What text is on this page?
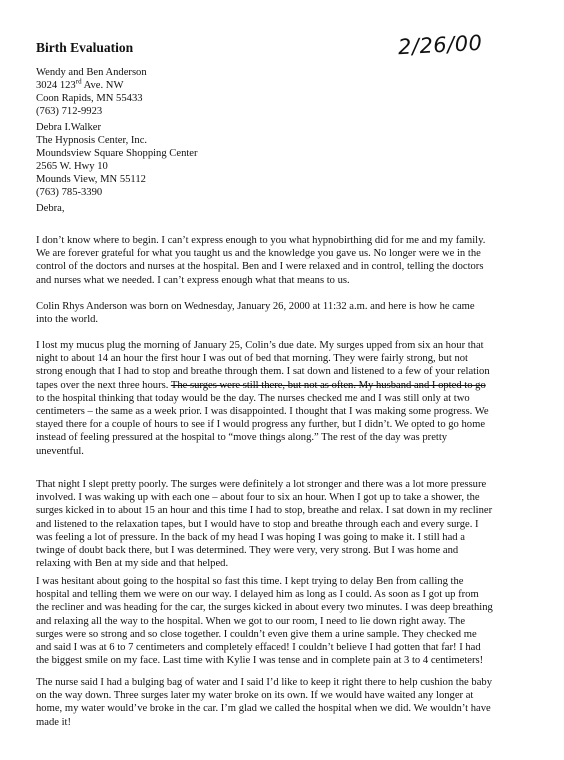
Birth Evaluation	2/26/00
Wendy and Ben Anderson
3024 123rd Ave. NW
Coon Rapids, MN 55433
(763) 712-9923
Debra I.Walker
The Hypnosis Center, Inc.
Moundsview Square Shopping Center
2565 W. Hwy 10
Mounds View, MN 55112
(763) 785-3390
Debra,
I don’t know where to begin. I can’t express enough to you what hypnobirthing did for me and my family.
We are forever grateful for what you taught us and the knowledge you gave us. No longer were we in the
control of the doctors and nurses at the hospital. Ben and I were relaxed and in control, telling the doctors
and nurses what we needed. I can’t express enough what that means to us.
Colin Rhys Anderson was born on Wednesday, January 26, 2000 at 11:32 a.m. and here is how he came
into the world.
I lost my mucus plug the morning of January 25, Colin’s due date. My surges upped from six an hour that
night to about 14 an hour the first hour I was out of bed that morning. They were fairly strong, but not
strong enough that I had to stop and breathe through them. I sat down and listened to a few of your relation
tapes over the next three hours. The surges were still there, but not as often. My husband and I opted to go
to the hospital thinking that today would be the day. The nurses checked me and I was still only at two
centimeters – the same as a week prior. I was disappointed. I thought that I was making some progress. We
stayed there for a couple of hours to see if I would progress any further, but I didn’t. We opted to go home
instead of feeling pressured at the hospital to “move things along.” The rest of the day was pretty
uneventful.
That night I slept pretty poorly. The surges were definitely a lot stronger and there was a lot more pressure
involved. I was waking up with each one – about four to six an hour. When I got up to take a shower, the
surges kicked in to about 15 an hour and this time I had to stop, breathe and relax. I sat down in my recliner
and listened to the relaxation tapes, but I would have to stop and breathe through each and every surge. I
was feeling a lot of pressure. In the back of my head I was hoping I was going to make it. I still had a
twinge of doubt back there, but I was determined. They were very, very strong. But I was home and
relaxing with Ben at my side and that helped.
I was hesitant about going to the hospital so fast this time. I kept trying to delay Ben from calling the
hospital and telling them we were on our way. I delayed him as long as I could. As soon as I got up from
the recliner and was heading for the car, the surges kicked in about every two minutes. I was deep breathing
and relaxing all the way to the hospital. When we got to our room, I need to lie down right away. The
surges were so strong and so close together. I couldn’t even give them a urine sample. They checked me
and said I was at 6 to 7 centimeters and completely effaced! I couldn’t believe I had gotten that far! I had
the biggest smile on my face. Last time with Kylie I was tense and in complete pain at 3 to 4 centimeters!
The nurse said I had a bulging bag of water and I said I’d like to keep it right there to help cushion the baby
on the way down. Three surges later my water broke on its own. If we would have waited any longer at
home, my water would’ve broke in the car. I’m glad we called the hospital when we did. We wouldn’t have
made it!
